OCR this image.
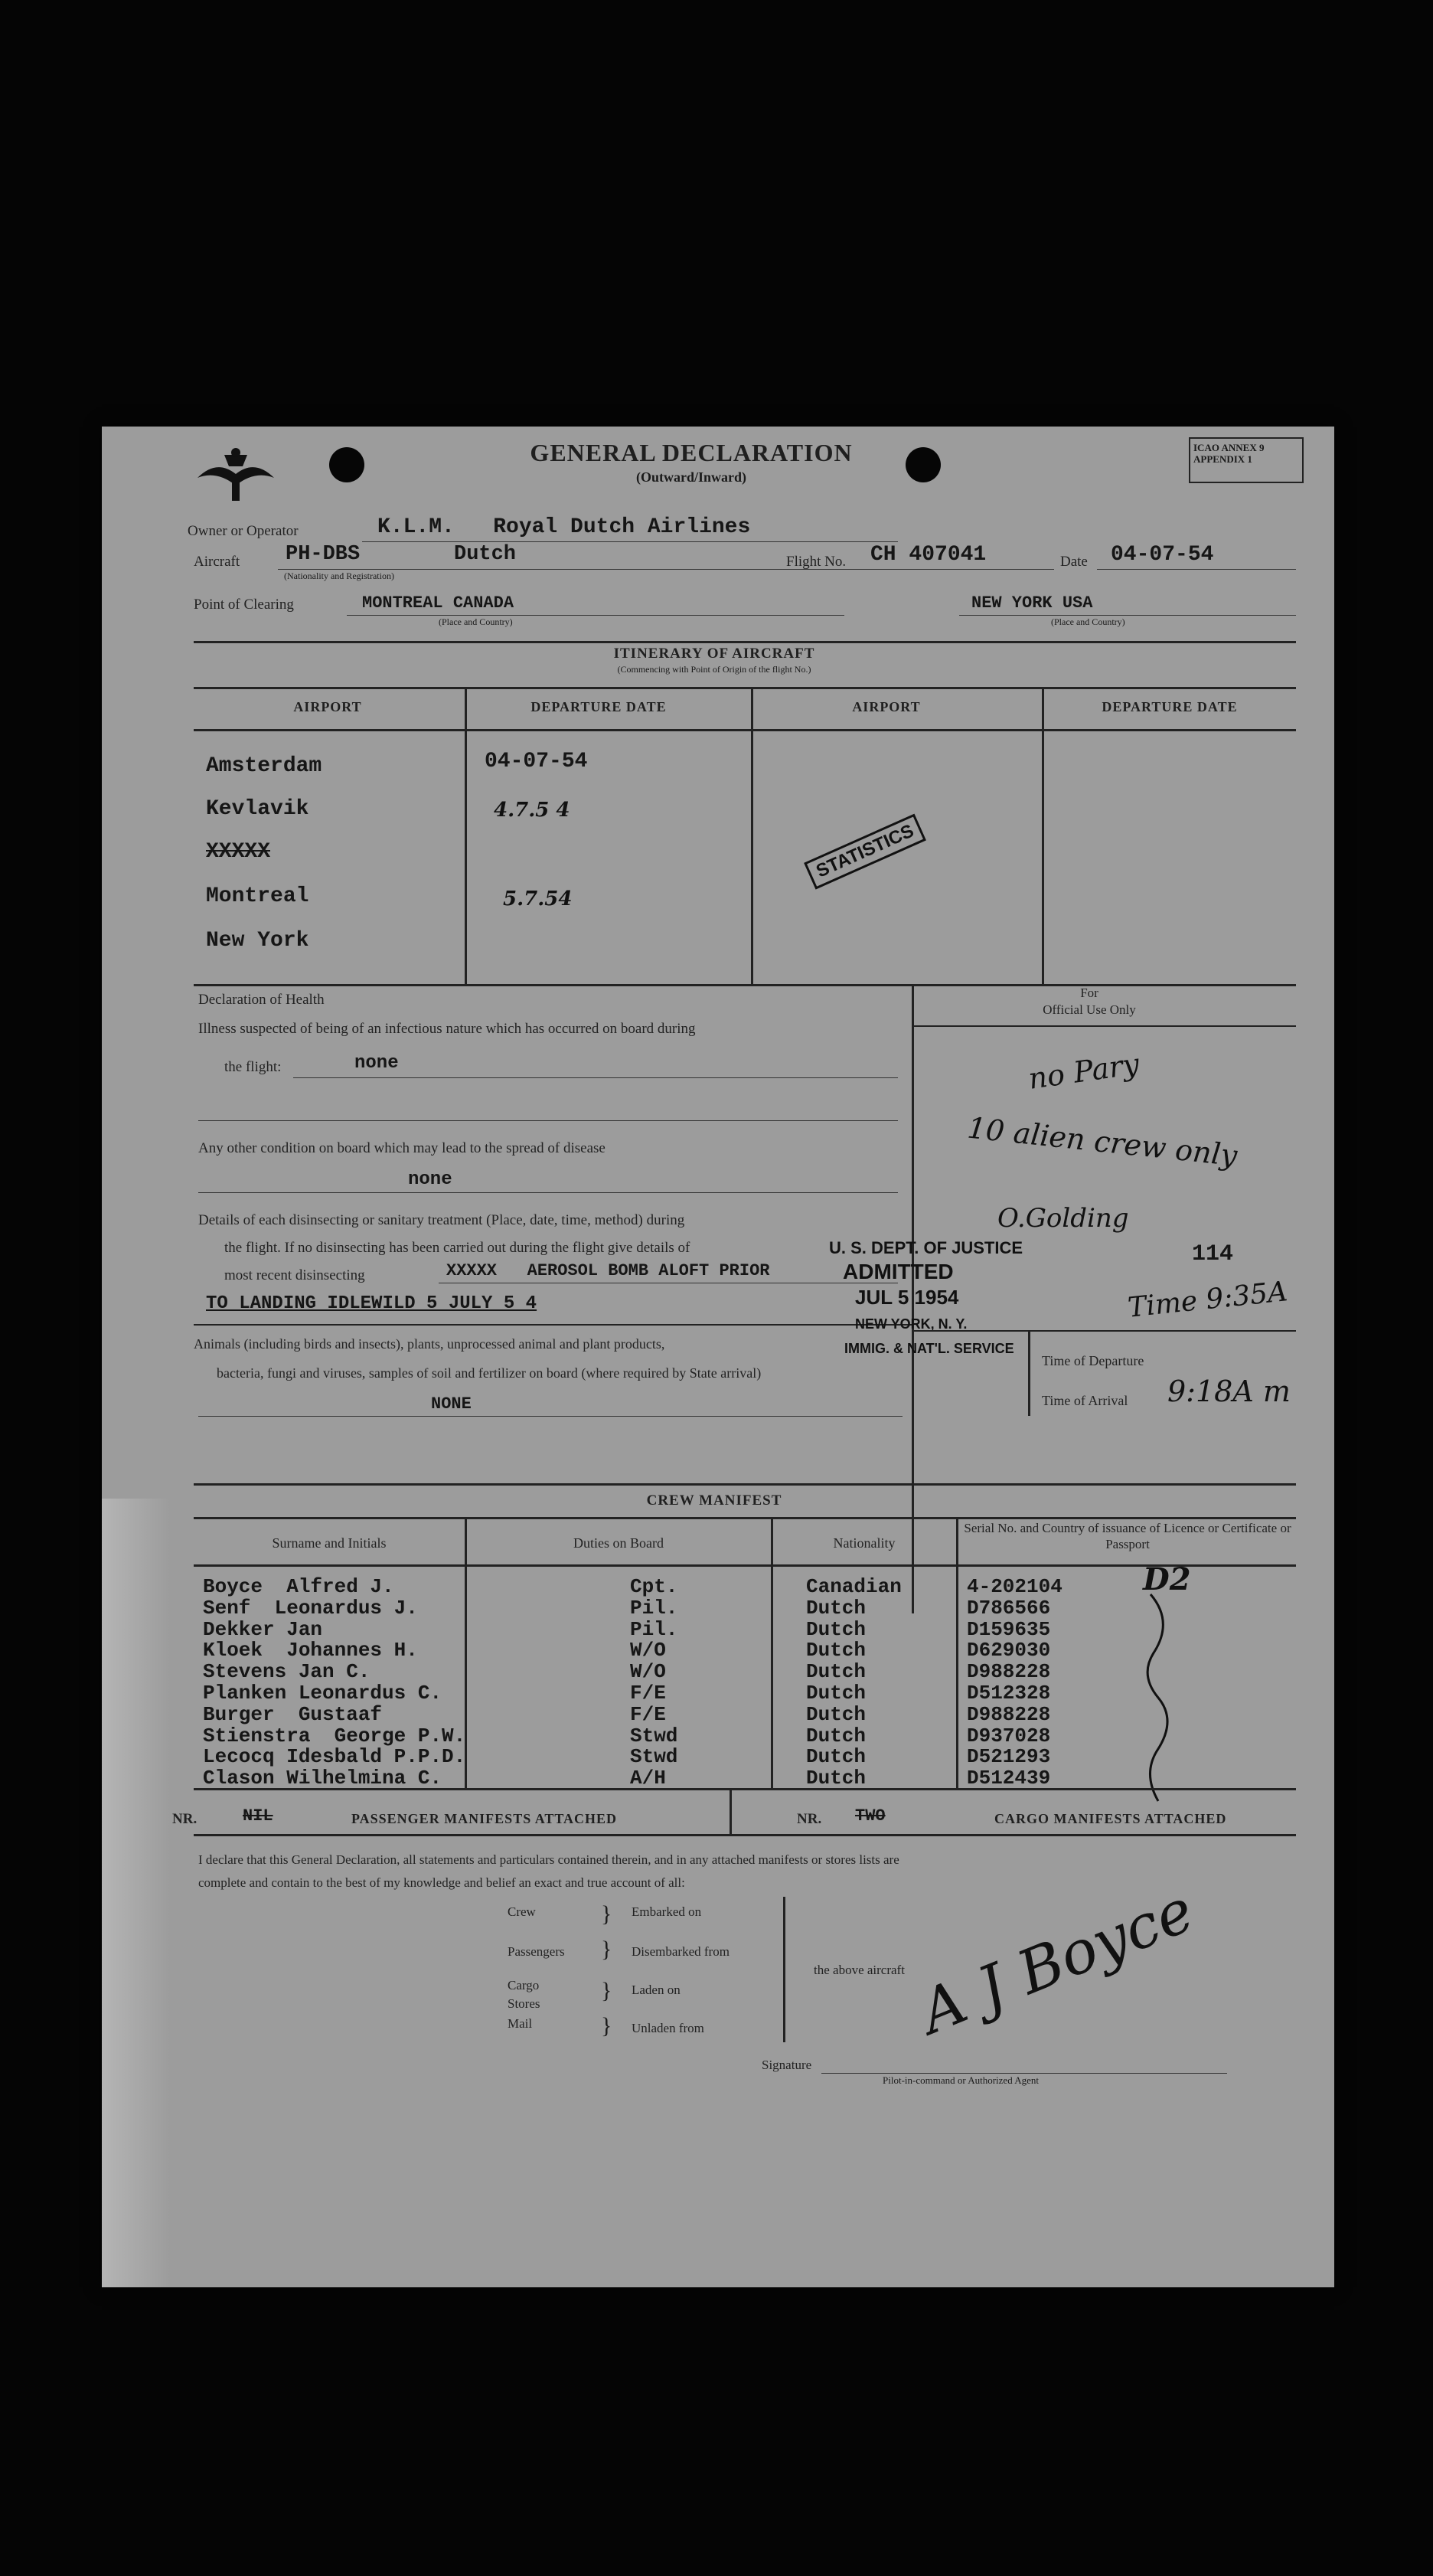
GENERAL DECLARATION
(Outward/Inward)
ICAO ANNEX 9 APPENDIX 1
Owner or Operator	K.L.M.   Royal Dutch Airlines
Aircraft PH-DBS	Dutch
(Nationality and Registration)
Flight No. CH 407041	Date 04-07-54
Point of Clearing	MONTREAL CANADA
(Place and Country)
NEW YORK USA
(Place and Country)
ITINERARY OF AIRCRAFT
(Commencing with Point of Origin of the flight No.)
AIRPORT	DEPARTURE DATE	AIRPORT	DEPARTURE DATE
Amsterdam	04-07-54
Kevlavik	4.7.5 4
XXXXX
Montreal	5.7.54
New York
STATISTICS
Declaration of Health
Illness suspected of being of an infectious nature which has occurred on board during
the flight:	none
Any other condition on board which may lead to the spread of disease
none
Details of each disinsecting or sanitary treatment (Place, date, time, method) during
the flight. If no disinsecting has been carried out during the flight give details of
most recent disinsecting	XXXXX   AEROSOL BOMB ALOFT PRIOR
TO LANDING IDLEWILD 5 JULY 5 4
Animals (including birds and insects), plants, unprocessed animal and plant products,
bacteria, fungi and viruses, samples of soil and fertilizer on board (where required by State arrival)
NONE
For
Official Use Only
no Pary
10 alien crew only
O.Golding
114
Time 9:35A
U. S. DEPT. OF JUSTICE
ADMITTED
JUL 5 1954
NEW YORK, N. Y.
IMMIG. & NAT'L. SERVICE
Time of Departure
Time of Arrival 9:18A m
CREW MANIFEST
Surname and Initials	Duties on Board	Nationality
Serial No. and Country of issuance of Licence or Certificate or Passport
Boyce  Alfred J.	Cpt.	Canadian	4-202104
Senf  Leonardus J.	Pil.	Dutch	D786566
Dekker Jan	Pil.	Dutch	D159635
Kloek  Johannes H.	W/O	Dutch	D629030
Stevens Jan C.	W/O	Dutch	D988228
Planken Leonardus C.	F/E	Dutch	D512328
Burger  Gustaaf	F/E	Dutch	D988228
Stienstra  George P.W.	Stwd	Dutch	D937028
Lecocq Idesbald P.P.D.	Stwd	Dutch	D521293
Clason Wilhelmina C.	A/H	Dutch	D512439
D2
NR.	NIL	PASSENGER MANIFESTS ATTACHED	NR. TWO	CARGO MANIFESTS ATTACHED
I declare that this General Declaration, all statements and particulars contained therein, and in any attached manifests or stores lists are
complete and contain to the best of my knowledge and belief an exact and true account of all:
Crew
Passengers
Cargo
Stores
Mail
}
}
}
}
Embarked on
Disembarked from
Laden on
Unladen from
the above aircraft
Signature
Pilot-in-command or Authorized Agent
A J Boyce
